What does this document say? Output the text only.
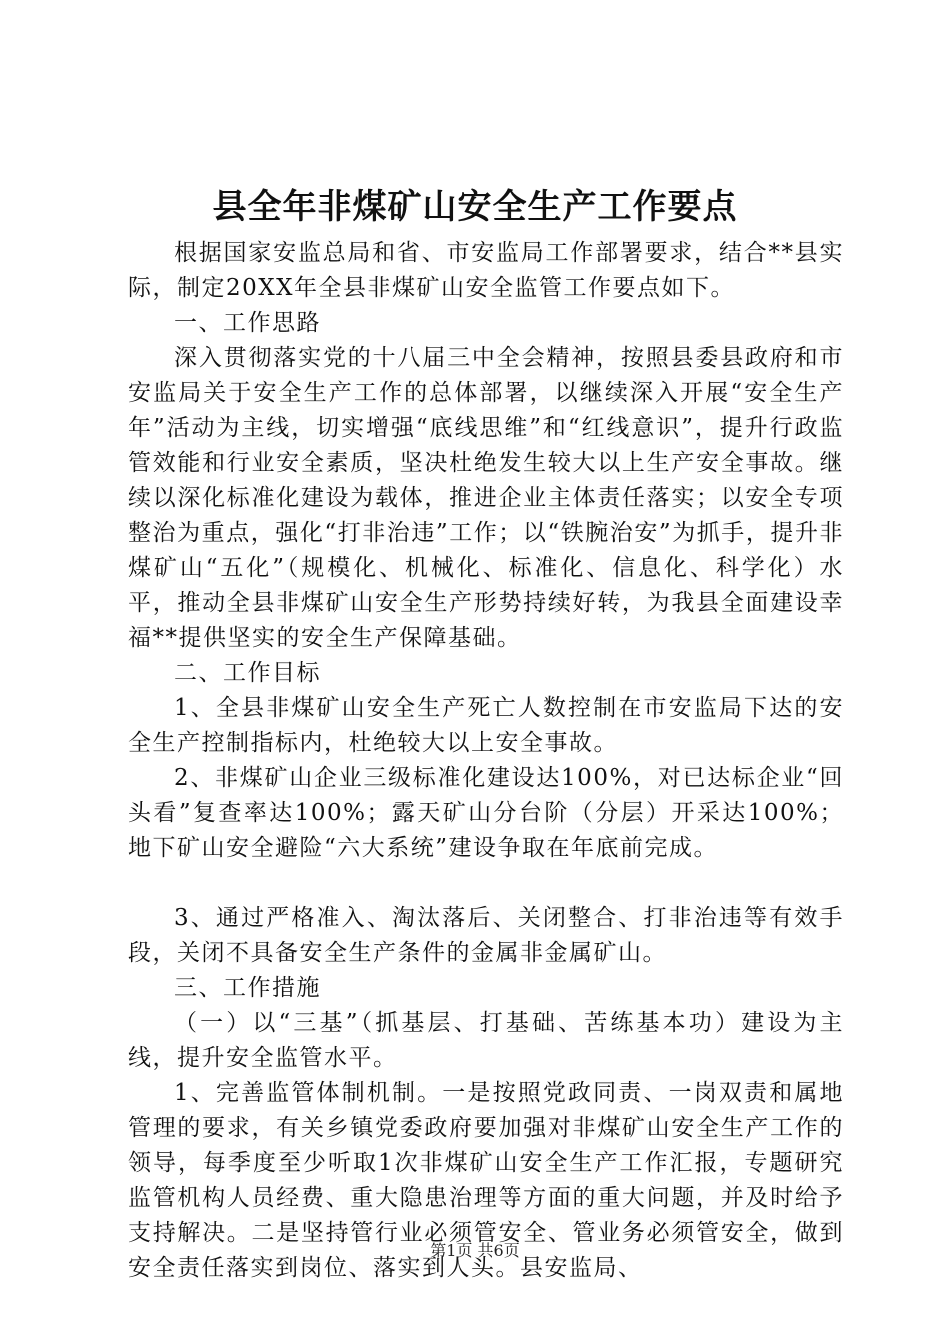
县全年非煤矿山安全生产工作要点

根据国家安监总局和省、市安监局工作部署要求，结合**县实际，制定20XX年全县非煤矿山安全监管工作要点如下。

一、工作思路

深入贯彻落实党的十八届三中全会精神，按照县委县政府和市安监局关于安全生产工作的总体部署，以继续深入开展“安全生产年”活动为主线，切实增强“底线思维”和“红线意识”，提升行政监管效能和行业安全素质，坚决杜绝发生较大以上生产安全事故。继续以深化标准化建设为载体，推进企业主体责任落实；以安全专项整治为重点，强化“打非治违”工作；以“铁腕治安”为抓手，提升非煤矿山“五化”（规模化、机械化、标准化、信息化、科学化）水平，推动全县非煤矿山安全生产形势持续好转，为我县全面建设幸福**提供坚实的安全生产保障基础。

二、工作目标

1、全县非煤矿山安全生产死亡人数控制在市安监局下达的安全生产控制指标内，杜绝较大以上安全事故。

2、非煤矿山企业三级标准化建设达100%，对已达标企业“回头看”复查率达100%；露天矿山分台阶（分层）开采达100%；地下矿山安全避险“六大系统”建设争取在年底前完成。

3、通过严格准入、淘汰落后、关闭整合、打非治违等有效手段，关闭不具备安全生产条件的金属非金属矿山。

三、工作措施

（一）以“三基”（抓基层、打基础、苦练基本功）建设为主线，提升安全监管水平。

1、完善监管体制机制。一是按照党政同责、一岗双责和属地管理的要求，有关乡镇党委政府要加强对非煤矿山安全生产工作的领导，每季度至少听取1次非煤矿山安全生产工作汇报，专题研究监管机构人员经费、重大隐患治理等方面的重大问题，并及时给予支持解决。二是坚持管行业必须管安全、管业务必须管安全，做到安全责任落实到岗位、落实到人头。县安监局、

第1页 共6页
